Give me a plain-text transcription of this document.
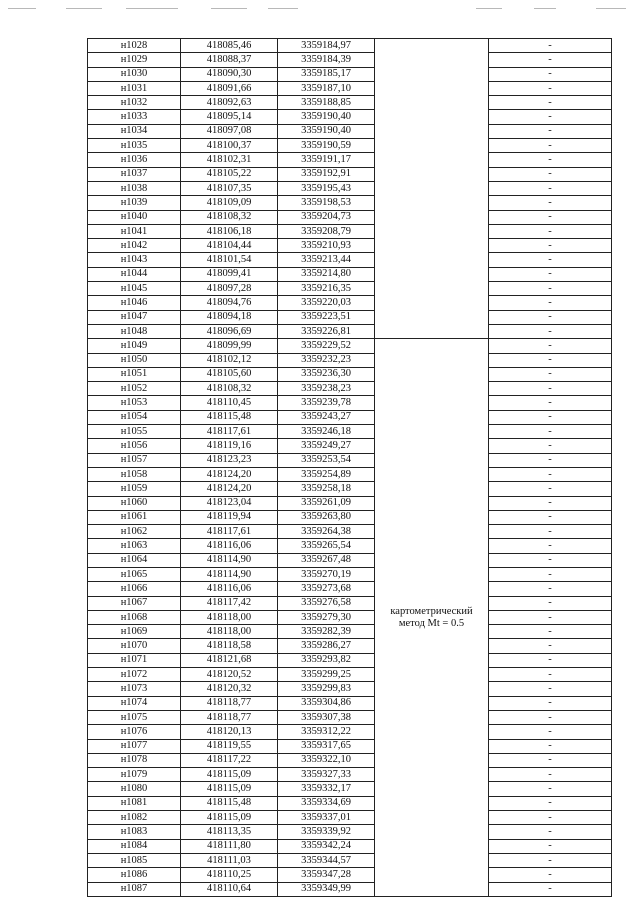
н1028	418085,46	3359184,97		-
н1029	418088,37	3359184,39		-
н1030	418090,30	3359185,17		-
н1031	418091,66	3359187,10		-
н1032	418092,63	3359188,85		-
н1033	418095,14	3359190,40		-
н1034	418097,08	3359190,40		-
н1035	418100,37	3359190,59		-
н1036	418102,31	3359191,17		-
н1037	418105,22	3359192,91		-
н1038	418107,35	3359195,43		-
н1039	418109,09	3359198,53		-
н1040	418108,32	3359204,73		-
н1041	418106,18	3359208,79		-
н1042	418104,44	3359210,93		-
н1043	418101,54	3359213,44		-
н1044	418099,41	3359214,80		-
н1045	418097,28	3359216,35		-
н1046	418094,76	3359220,03		-
н1047	418094,18	3359223,51		-
н1048	418096,69	3359226,81		-
н1049	418099,99	3359229,52	картометрический
метод Mt = 0.5	-
н1050	418102,12	3359232,23		-
н1051	418105,60	3359236,30		-
н1052	418108,32	3359238,23		-
н1053	418110,45	3359239,78		-
н1054	418115,48	3359243,27		-
н1055	418117,61	3359246,18		-
н1056	418119,16	3359249,27		-
н1057	418123,23	3359253,54		-
н1058	418124,20	3359254,89		-
н1059	418124,20	3359258,18		-
н1060	418123,04	3359261,09		-
н1061	418119,94	3359263,80		-
н1062	418117,61	3359264,38		-
н1063	418116,06	3359265,54		-
н1064	418114,90	3359267,48		-
н1065	418114,90	3359270,19		-
н1066	418116,06	3359273,68		-
н1067	418117,42	3359276,58		-
н1068	418118,00	3359279,30		-
н1069	418118,00	3359282,39		-
н1070	418118,58	3359286,27		-
н1071	418121,68	3359293,82		-
н1072	418120,52	3359299,25		-
н1073	418120,32	3359299,83		-
н1074	418118,77	3359304,86		-
н1075	418118,77	3359307,38		-
н1076	418120,13	3359312,22		-
н1077	418119,55	3359317,65		-
н1078	418117,22	3359322,10		-
н1079	418115,09	3359327,33		-
н1080	418115,09	3359332,17		-
н1081	418115,48	3359334,69		-
н1082	418115,09	3359337,01		-
н1083	418113,35	3359339,92		-
н1084	418111,80	3359342,24		-
н1085	418111,03	3359344,57		-
н1086	418110,25	3359347,28		-
н1087	418110,64	3359349,99		-
